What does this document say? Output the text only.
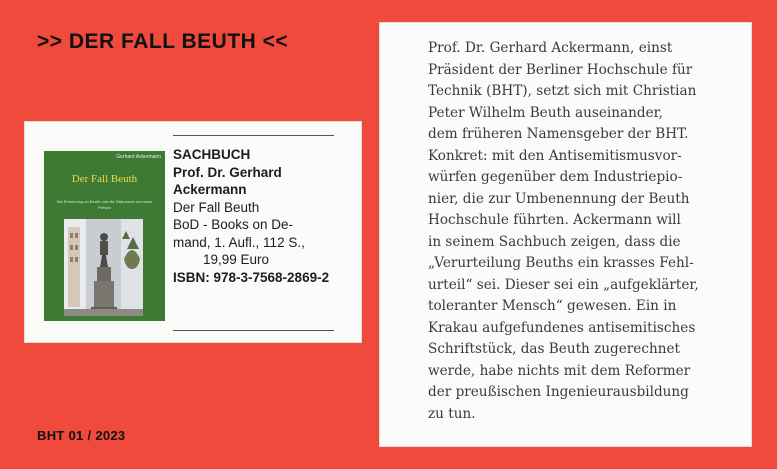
>> DER FALL BEUTH <<
Gerhard Ackermann
Der Fall Beuth
Die Erinnerung an Beuth und die Diskussion um seine Person
SACHBUCH
Prof. Dr. Gerhard
Ackermann
Der Fall Beuth
BoD - Books on De-
mand, 1. Aufl., 112 S.,
19,99 Euro
ISBN: 978-3-7568-2869-2
Prof. Dr. Gerhard Ackermann, einst
Präsident der Berliner Hochschule für
Technik (BHT), setzt sich mit Christian
Peter Wilhelm Beuth auseinander,
dem früheren Namensgeber der BHT.
Konkret: mit den Antisemitismusvor-
würfen gegenüber dem Industriepio-
nier, die zur Umbenennung der Beuth
Hochschule führten. Ackermann will
in seinem Sachbuch zeigen, dass die
„Verurteilung Beuths ein krasses Fehl-
urteil“ sei. Dieser sei ein „aufgeklärter,
toleranter Mensch“ gewesen. Ein in
Krakau aufgefundenes antisemitisches
Schriftstück, das Beuth zugerechnet
werde, habe nichts mit dem Reformer
der preußischen Ingenieurausbildung
zu tun.
BHT 01 / 2023
